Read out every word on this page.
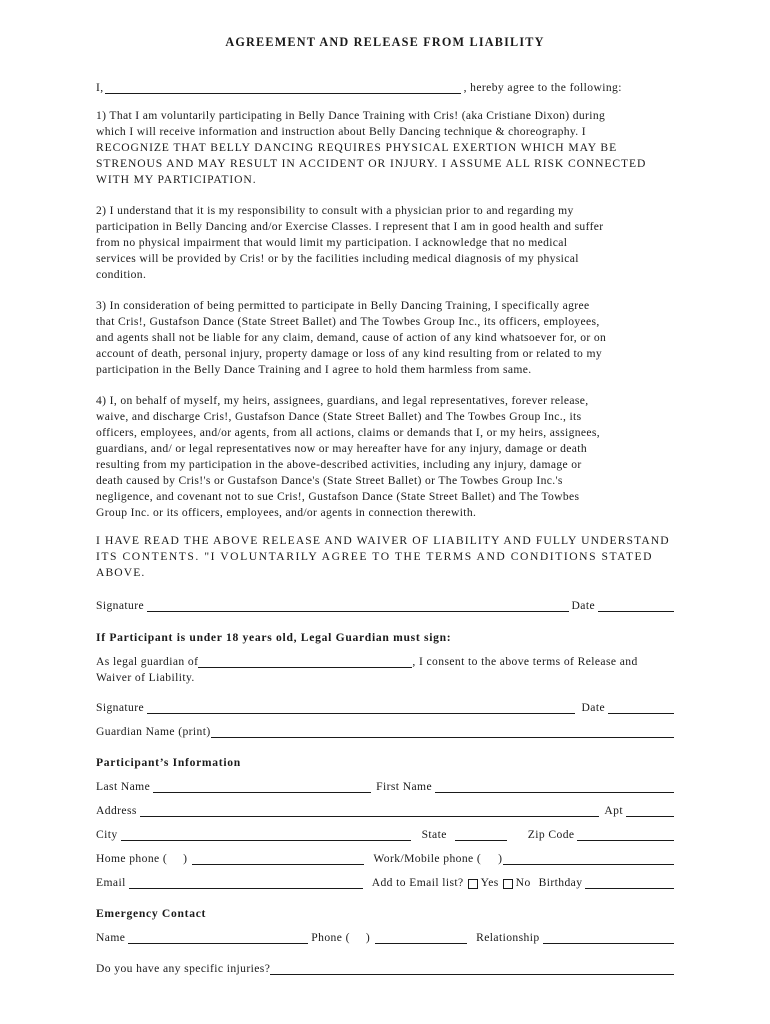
AGREEMENT AND RELEASE FROM LIABILITY
I,	, hereby agree to the following:
1) That I am voluntarily participating in Belly Dance Training with Cris! (aka Cristiane Dixon) during
which I will receive information and instruction about Belly Dancing technique & choreography. I
RECOGNIZE THAT BELLY DANCING REQUIRES PHYSICAL EXERTION WHICH MAY BE
STRENOUS AND MAY RESULT IN ACCIDENT OR INJURY. I ASSUME ALL RISK CONNECTED
WITH MY PARTICIPATION.
2) I understand that it is my responsibility to consult with a physician prior to and regarding my
participation in Belly Dancing and/or Exercise Classes. I represent that I am in good health and suffer
from no physical impairment that would limit my participation. I acknowledge that no medical
services will be provided by Cris! or by the facilities including medical diagnosis of my physical
condition.
3) In consideration of being permitted to participate in Belly Dancing Training, I specifically agree
that Cris!, Gustafson Dance (State Street Ballet) and The Towbes Group Inc., its officers, employees,
and agents shall not be liable for any claim, demand, cause of action of any kind whatsoever for, or on
account of death, personal injury, property damage or loss of any kind resulting from or related to my
participation in the Belly Dance Training and I agree to hold them harmless from same.
4) I, on behalf of myself, my heirs, assignees, guardians, and legal representatives, forever release,
waive, and discharge Cris!, Gustafson Dance (State Street Ballet) and The Towbes Group Inc., its
officers, employees, and/or agents, from all actions, claims or demands that I, or my heirs, assignees,
guardians, and/ or legal representatives now or may hereafter have for any injury, damage or death
resulting from my participation in the above-described activities, including any injury, damage or
death caused by Cris!'s or Gustafson Dance's (State Street Ballet) or The Towbes Group Inc.'s
negligence, and covenant not to sue Cris!, Gustafson Dance (State Street Ballet) and The Towbes
Group Inc. or its officers, employees, and/or agents in connection therewith.
I HAVE READ THE ABOVE RELEASE AND WAIVER OF LIABILITY AND FULLY UNDERSTAND
ITS CONTENTS. "I VOLUNTARILY AGREE TO THE TERMS AND CONDITIONS STATED
ABOVE.
Signature	Date
If Participant is under 18 years old, Legal Guardian must sign:
As legal guardian of	, I consent to the above terms of Release and
Waiver of Liability.
Signature	Date
Guardian Name (print)
Participant’s Information
Last Name	First Name
Address	Apt
City	State	Zip Code
Home phone ( )	Work/Mobile phone ( )
Email	Add to Email list? Yes No Birthday
Emergency Contact
Name	Phone ( )	Relationship
Do you have any specific injuries?
